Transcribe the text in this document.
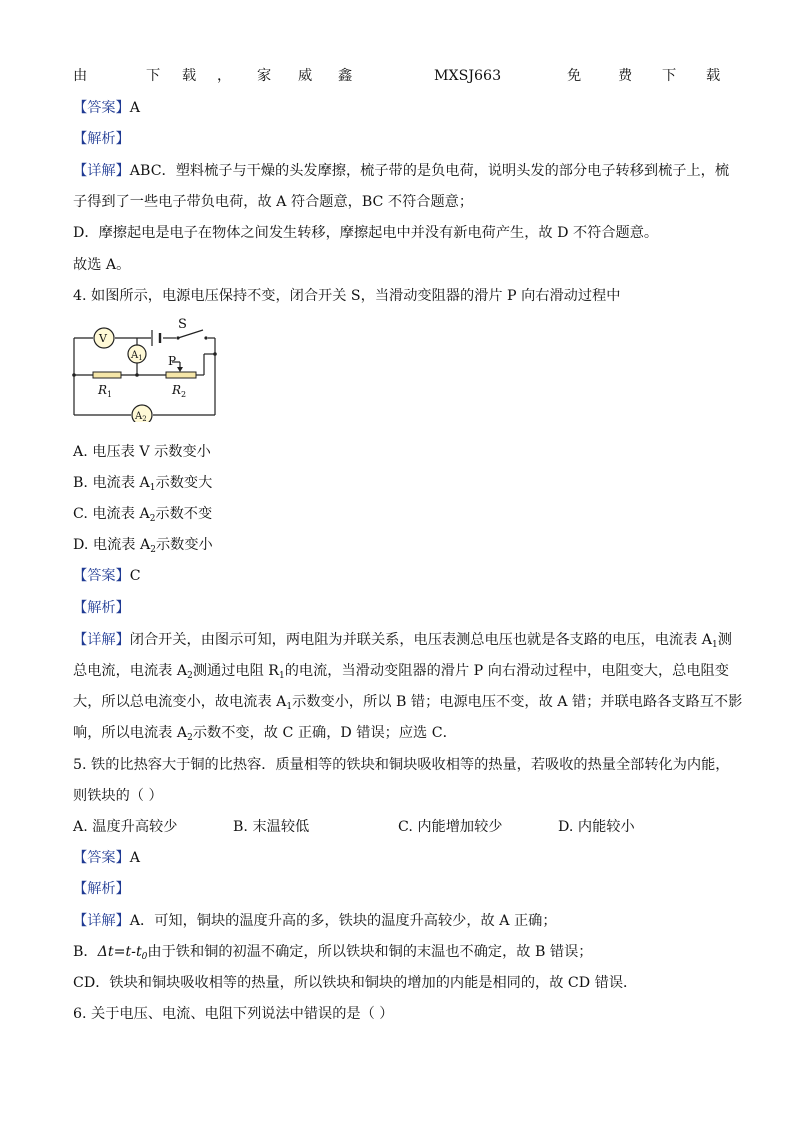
由	下 载 ， 家 威 鑫	MXSJ663	免	费 下 载
【答案】A
【解析】
【详解】ABC．塑料梳子与干燥的头发摩擦，梳子带的是负电荷，说明头发的部分电子转移到梳子上，梳
子得到了一些电子带负电荷，故 A 符合题意，BC 不符合题意；
D．摩擦起电是电子在物体之间发生转移，摩擦起电中并没有新电荷产生，故 D 不符合题意。
故选 A。
4. 如图所示，电源电压保持不变，闭合开关 S，当滑动变阻器的滑片 P 向右滑动过程中
S
V
$A_1$
$R_1$
P
$R_2$
$A_2$
A. 电压表 V 示数变小
B. 电流表 $A_1$示数变大
C. 电流表 $A_2$示数不变
D. 电流表 $A_2$示数变小
【答案】C
【解析】
【详解】闭合开关，由图示可知，两电阻为并联关系，电压表测总电压也就是各支路的电压，电流表 $A_1$测
总电流，电流表 $A_2$测通过电阻 $R_1$的电流，当滑动变阻器的滑片 P 向右滑动过程中，电阻变大，总电阻变
大，所以总电流变小，故电流表 $A_1$示数变小，所以 B 错；电源电压不变，故 A 错；并联电路各支路互不影
响，所以电流表 $A_2$示数不变，故 C 正确，D 错误；应选 C．
5. 铁的比热容大于铜的比热容．质量相等的铁块和铜块吸收相等的热量，若吸收的热量全部转化为内能，
则铁块的（ ）
A. 温度升高较少	B. 末温较低	C. 内能增加较少	D. 内能较小
【答案】A
【解析】
【详解】A．可知，铜块的温度升高的多，铁块的温度升高较少，故 A 正确；
B．$\Delta t=t-t_0$由于铁和铜的初温不确定，所以铁块和铜的末温也不确定，故 B 错误；
CD．铁块和铜块吸收相等的热量，所以铁块和铜块的增加的内能是相同的，故 CD 错误．
6. 关于电压、电流、电阻下列说法中错误的是（ ）
